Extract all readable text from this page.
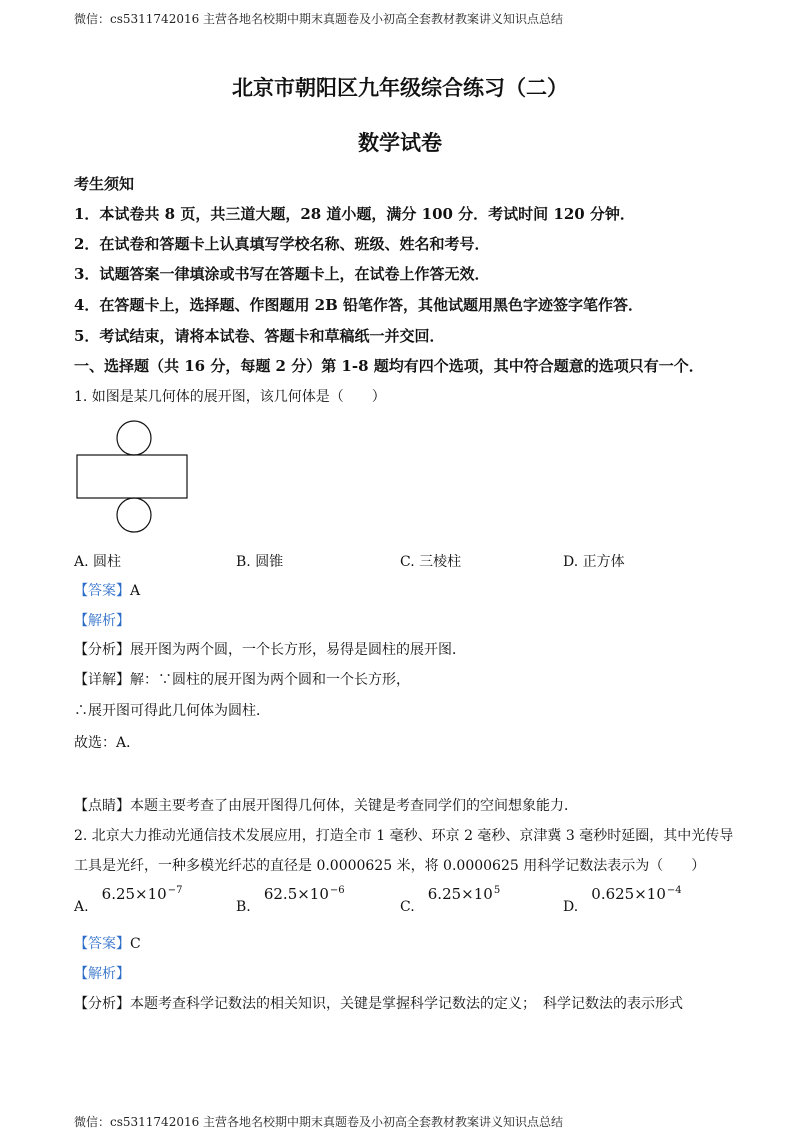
微信：cs5311742016 主营各地名校期中期末真题卷及小初高全套教材教案讲义知识点总结
微信：cs5311742016 主营各地名校期中期末真题卷及小初高全套教材教案讲义知识点总结
北京市朝阳区九年级综合练习（二）
数学试卷
考生须知
1．本试卷共 8 页，共三道大题，28 道小题，满分 100 分．考试时间 120 分钟．
2．在试卷和答题卡上认真填写学校名称、班级、姓名和考号．
3．试题答案一律填涂或书写在答题卡上，在试卷上作答无效．
4．在答题卡上，选择题、作图题用 2B 铅笔作答，其他试题用黑色字迹签字笔作答．
5．考试结束，请将本试卷、答题卡和草稿纸一并交回．
一、选择题（共 16 分，每题 2 分）第 1-8 题均有四个选项，其中符合题意的选项只有一个．
1. 如图是某几何体的展开图，该几何体是（　　）
A. 圆柱	B. 圆锥	C. 三棱柱	D. 正方体
【答案】A
【解析】
【分析】展开图为两个圆，一个长方形，易得是圆柱的展开图．
【详解】解：∵圆柱的展开图为两个圆和一个长方形，
∴展开图可得此几何体为圆柱．
故选：A．
【点睛】本题主要考查了由展开图得几何体，关键是考查同学们的空间想象能力．
2. 北京大力推动光通信技术发展应用，打造全市 1 毫秒、环京 2 毫秒、京津冀 3 毫秒时延圈，其中光传导
工具是光纤，一种多模光纤芯的直径是 0.0000625 米，将 0.0000625 用科学记数法表示为（　　）
A. $6.25\times 10^{-7}$
B. $62.5\times 10^{-6}$
C. $6.25\times 10^5$
D. $0.625\times 10^{-4}$
【答案】C
【解析】
【分析】本题考查科学记数法的相关知识，关键是掌握科学记数法的定义；　科学记数法的表示形式
